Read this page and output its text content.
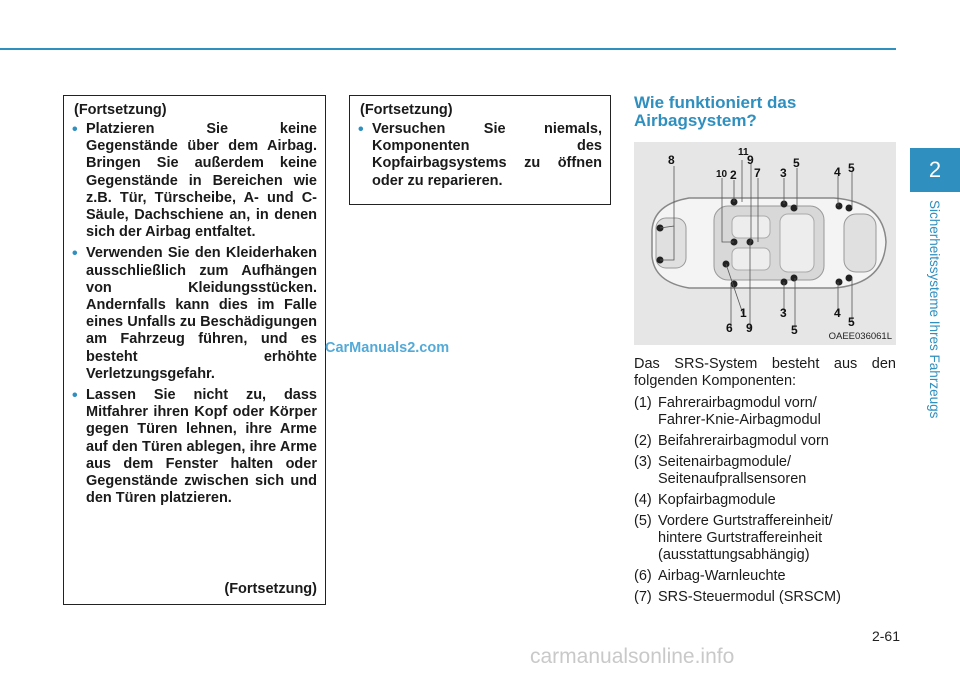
(Fortsetzung)
• Platzieren Sie keine Gegenstände über dem Airbag. Bringen Sie außerdem keine Gegenstände in Bereichen wie z.B. Tür, Türscheibe, A- und C-Säule, Dachschiene an, in denen sich der Airbag entfaltet.
• Verwenden Sie den Kleiderhaken ausschließlich zum Aufhängen von Kleidungsstücken. Andernfalls kann dies im Falle eines Unfalls zu Beschädigungen am Fahrzeug führen, und es besteht erhöhte Verletzungsgefahr.
• Lassen Sie nicht zu, dass Mitfahrer ihren Kopf oder Körper gegen Türen lehnen, ihre Arme auf den Türen ablegen, ihre Arme aus dem Fenster halten oder Gegenstände zwischen sich und den Türen platzieren.
(Fortsetzung)
(Fortsetzung)
• Versuchen Sie niemals, Komponenten des Kopfairbagsystems zu öffnen oder zu reparieren.
Wie funktioniert das
Airbagsystem?
8
11
9
10 2 7 3
5
4 5
6
1
9
3
5
4
5
OAEE036061L
Das SRS-System besteht aus den folgenden Komponenten:
(1) Fahrerairbagmodul vorn/
Fahrer-Knie-Airbagmodul
(2) Beifahrerairbagmodul vorn
(3) Seitenairbagmodule/
Seitenaufprallsensoren
(4) Kopfairbagmodule
(5) Vordere Gurtstraffereinheit/
hintere Gurtstraffereinheit
(ausstattungsabhängig)
(6) Airbag-Warnleuchte
(7) SRS-Steuermodul (SRSCM)
2
Sicherheitssysteme Ihres Fahrzeugs
2-61
CarManuals2.com
carmanualsonline.info
